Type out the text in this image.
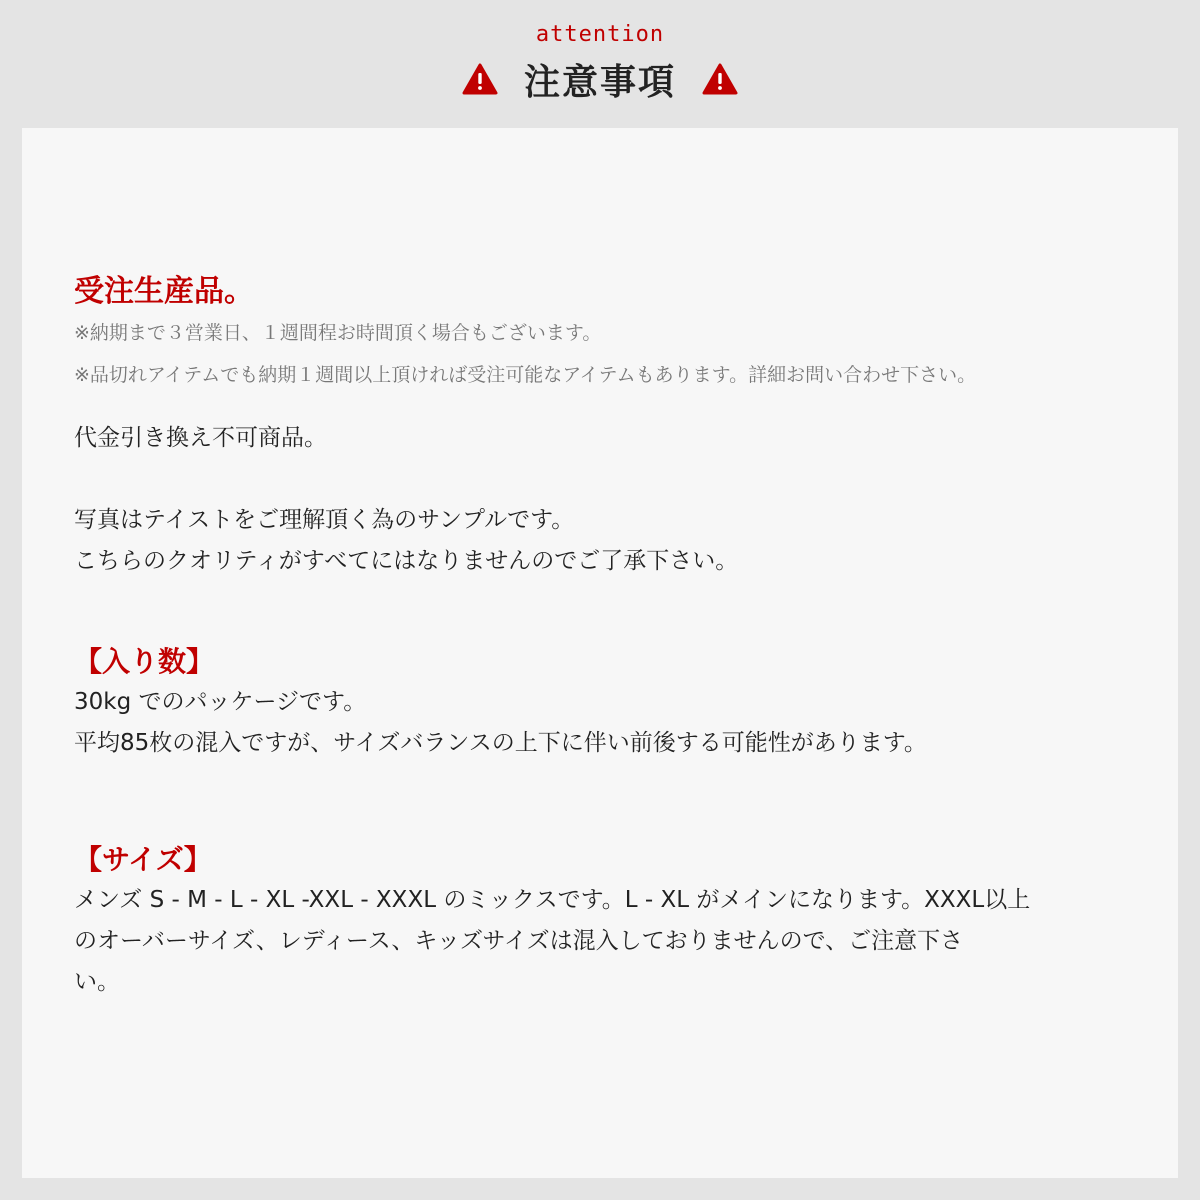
attention
注意事項
受注生産品。
※納期まで３営業日、１週間程お時間頂く場合もございます。
※品切れアイテムでも納期１週間以上頂ければ受注可能なアイテムもあります。詳細お問い合わせ下さい。
代金引き換え不可商品。
写真はテイストをご理解頂く為のサンプルです。
こちらのクオリティがすべてにはなりませんのでご了承下さい。
【入り数】
30kg でのパッケージです。
平均85枚の混入ですが、サイズバランスの上下に伴い前後する可能性があります。
【サイズ】
メンズ S - M - L - XL -XXL - XXXL のミックスです。L - XL がメインになります。XXXL以上
のオーバーサイズ、レディース、キッズサイズは混入しておりませんので、ご注意下さ
い。
